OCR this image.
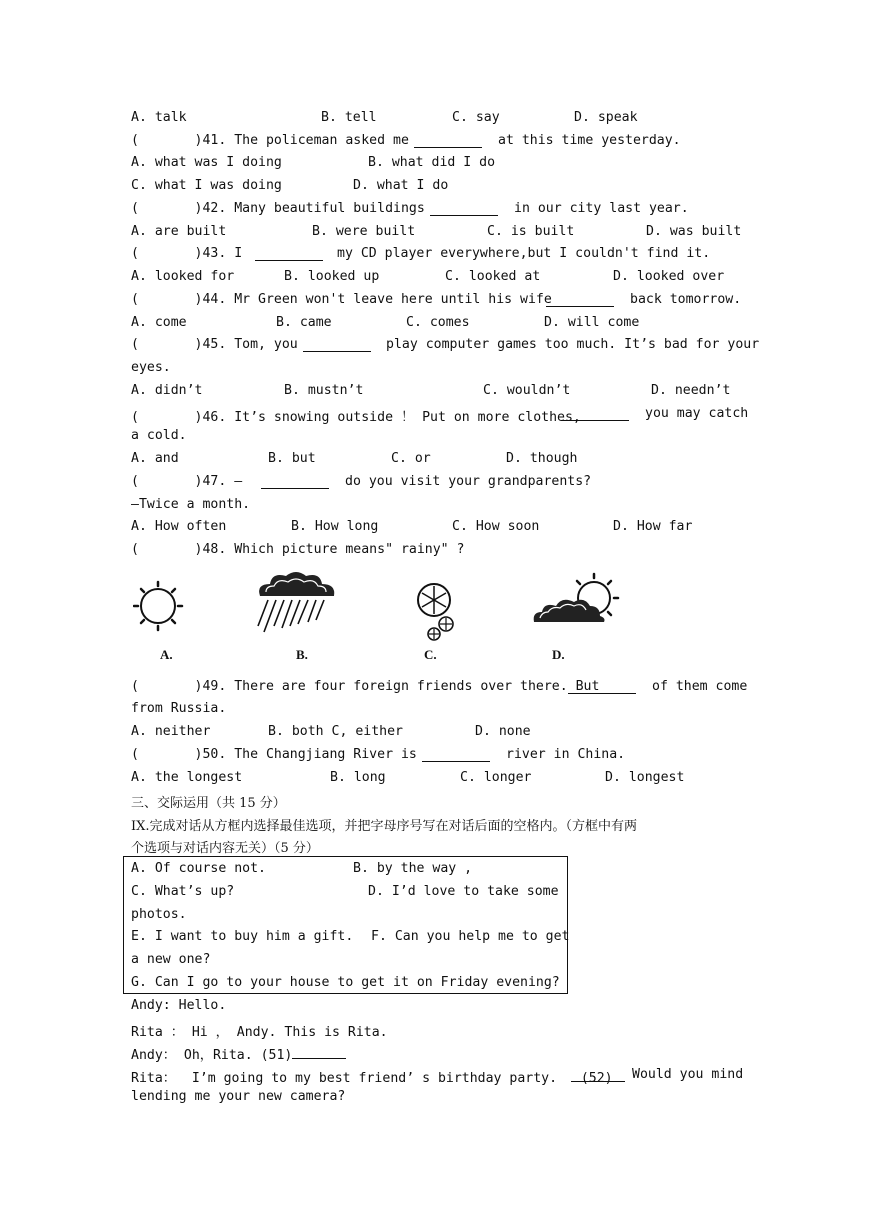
A. talk	B. tell	C. say	D. speak
(       )41. The policeman asked me	at this time yesterday.
A. what was I doing	B. what did I do
C. what I was doing	D. what I do
(       )42. Many beautiful buildings	in our city last year.
A. are built	B. were built	C. is built	D. was built
(       )43. I	my CD player everywhere,but I couldn't find it.
A. looked for	B. looked up	C. looked at	D. looked over
(       )44. Mr Green won't leave here until his wife	back tomorrow.
A. come	B. came	C. comes	D. will come
(       )45. Tom, you	play computer games too much. It’s bad for your
eyes.
A. didn’t	B. mustn’t	C. wouldn’t	D. needn’t
(       )46. It’s snowing outside ！ Put on more clothes,	you may catch
a cold.
A. and	B. but	C. or	D. though
(       )47. —	do you visit your grandparents?
—Twice a month.
A. How often	B. How long	C. How soon	D. How far
(       )48. Which picture means" rainy" ?
A.	B.	C.	D.
(       )49. There are four foreign friends over there. But	of them come
from Russia.
A. neither	B. both C, either	D. none
(       )50. The Changjiang River is	river in China.
A. the longest	B. long	C. longer	D. longest
三、交际运用（共 15 分）
IX.完成对话从方框内选择最佳选项，并把字母序号写在对话后面的空格内。（方框中有两
个选项与对话内容无关）（5 分）
A. Of course not.	B. by the way ,
C. What’s up?	D. I’d love to take some
photos.
E. I want to buy him a gift. F. Can you help me to get
a new one?
G. Can I go to your house to get it on Friday evening?
Andy: Hello.
Rita ： Hi ， Andy. This is Rita.
Andy： Oh，Rita. (51)
Rita：  I’m going to my best friend’ s birthday party.   (52) Would you mind
lending me your new camera?
